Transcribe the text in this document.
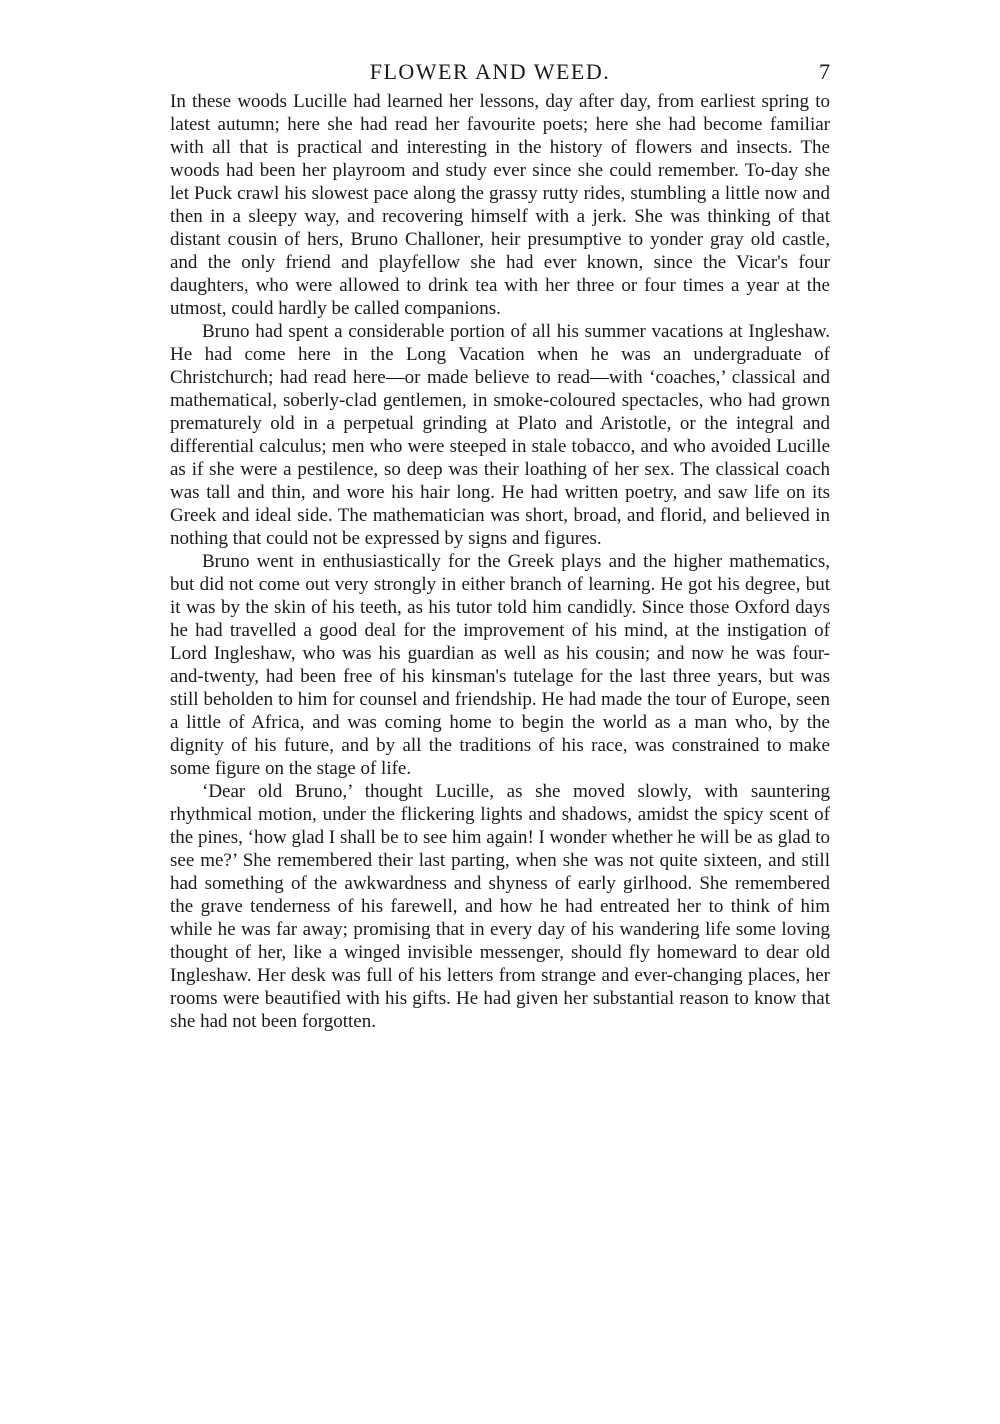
FLOWER AND WEED.	7

In these woods Lucille had learned her lessons, day after day, from earliest spring to latest autumn; here she had read her favourite poets; here she had become familiar with all that is practical and interesting in the history of flowers and insects. The woods had been her playroom and study ever since she could remember. To-day she let Puck crawl his slowest pace along the grassy rutty rides, stumbling a little now and then in a sleepy way, and recovering himself with a jerk. She was thinking of that distant cousin of hers, Bruno Challoner, heir presumptive to yonder gray old castle, and the only friend and playfellow she had ever known, since the Vicar's four daughters, who were allowed to drink tea with her three or four times a year at the utmost, could hardly be called companions.

Bruno had spent a considerable portion of all his summer vacations at Ingleshaw. He had come here in the Long Vacation when he was an undergraduate of Christchurch; had read here—or made believe to read—with ‘coaches,’ classical and mathematical, soberly-clad gentlemen, in smoke-coloured spectacles, who had grown prematurely old in a perpetual grinding at Plato and Aristotle, or the integral and differential calculus; men who were steeped in stale tobacco, and who avoided Lucille as if she were a pestilence, so deep was their loathing of her sex. The classical coach was tall and thin, and wore his hair long. He had written poetry, and saw life on its Greek and ideal side. The mathematician was short, broad, and florid, and believed in nothing that could not be expressed by signs and figures.

Bruno went in enthusiastically for the Greek plays and the higher mathematics, but did not come out very strongly in either branch of learning. He got his degree, but it was by the skin of his teeth, as his tutor told him candidly. Since those Oxford days he had travelled a good deal for the improvement of his mind, at the instigation of Lord Ingleshaw, who was his guardian as well as his cousin; and now he was four-and-twenty, had been free of his kinsman's tutelage for the last three years, but was still beholden to him for counsel and friendship. He had made the tour of Europe, seen a little of Africa, and was coming home to begin the world as a man who, by the dignity of his future, and by all the traditions of his race, was constrained to make some figure on the stage of life.

‘Dear old Bruno,’ thought Lucille, as she moved slowly, with sauntering rhythmical motion, under the flickering lights and shadows, amidst the spicy scent of the pines, ‘how glad I shall be to see him again! I wonder whether he will be as glad to see me?’ She remembered their last parting, when she was not quite sixteen, and still had something of the awkwardness and shyness of early girlhood. She remembered the grave tenderness of his farewell, and how he had entreated her to think of him while he was far away; promising that in every day of his wandering life some loving thought of her, like a winged invisible messenger, should fly homeward to dear old Ingleshaw. Her desk was full of his letters from strange and ever-changing places, her rooms were beautified with his gifts. He had given her substantial reason to know that she had not been forgotten.
